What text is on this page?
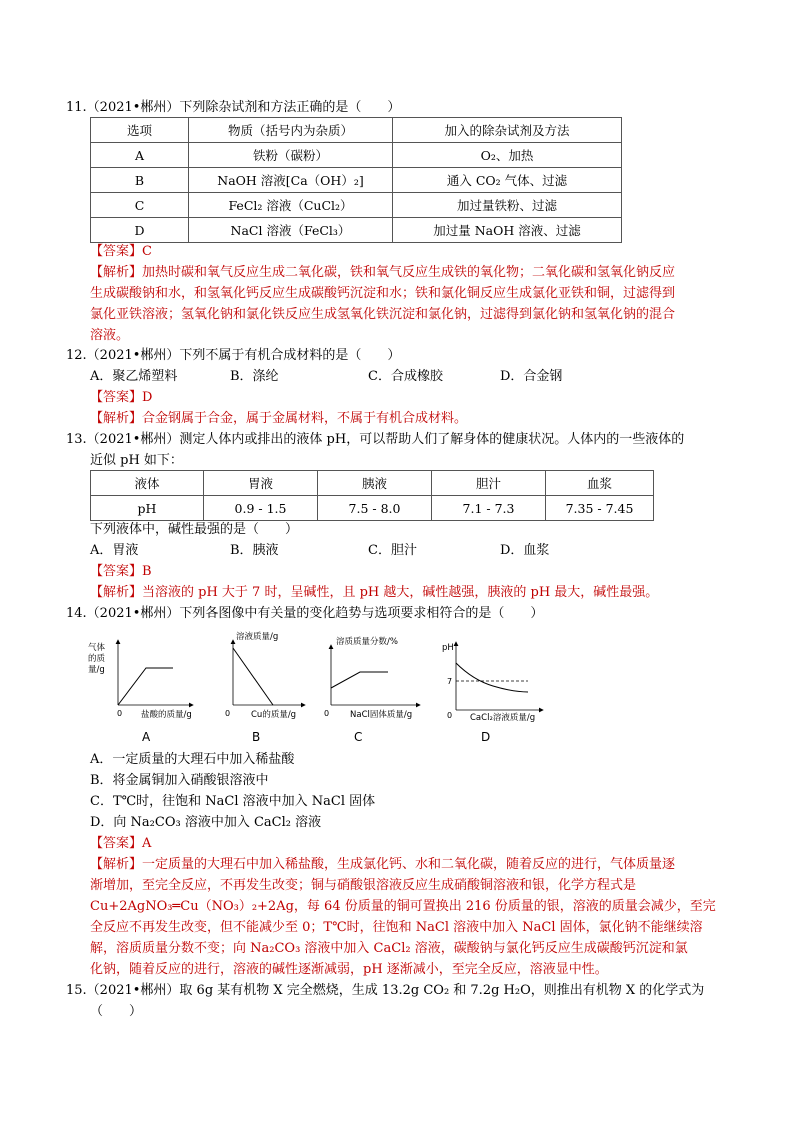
11.（2021•郴州）下列除杂试剂和方法正确的是（　　）
选项	物质（括号内为杂质）	加入的除杂试剂及方法
A	铁粉（碳粉）	O₂、加热
B	NaOH 溶液[Ca（OH）₂]	通入 CO₂ 气体、过滤
C	FeCl₂ 溶液（CuCl₂）	加过量铁粉、过滤
D	NaCl 溶液（FeCl₃）	加过量 NaOH 溶液、过滤
【答案】C
【解析】加热时碳和氧气反应生成二氧化碳，铁和氧气反应生成铁的氧化物；二氧化碳和氢氧化钠反应
生成碳酸钠和水，和氢氧化钙反应生成碳酸钙沉淀和水；铁和氯化铜反应生成氯化亚铁和铜，过滤得到
氯化亚铁溶液；氢氧化钠和氯化铁反应生成氢氧化铁沉淀和氯化钠，过滤得到氯化钠和氢氧化钠的混合
溶液。
12.（2021•郴州）下列不属于有机合成材料的是（　　）
A．聚乙烯塑料	B．涤纶	C．合成橡胶	D．合金钢
【答案】D
【解析】合金钢属于合金，属于金属材料，不属于有机合成材料。
13.（2021•郴州）测定人体内或排出的液体 pH，可以帮助人们了解身体的健康状况。人体内的一些液体的
近似 pH 如下：
液体	胃液	胰液	胆汁	血浆
pH	0.9 - 1.5	7.5 - 8.0	7.1 - 7.3	7.35 - 7.45
下列液体中，碱性最强的是（　　）
A．胃液	B．胰液	C．胆汁	D．血浆
【答案】B
【解析】当溶液的 pH 大于 7 时，呈碱性，且 pH 越大，碱性越强，胰液的 pH 最大，碱性最强。
14.（2021•郴州）下列各图像中有关量的变化趋势与选项要求相符合的是（　　）
气体
的质
量/g
0 盐酸的质量/g
A
溶液质量/g
0 Cu的质量/g
B
溶质质量分数/%
0 NaCl固体质量/g
C
pH
7
0 CaCl₂溶液质量/g
D
A．一定质量的大理石中加入稀盐酸
B．将金属铜加入硝酸银溶液中
C．T℃时，往饱和 NaCl 溶液中加入 NaCl 固体
D．向 Na₂CO₃ 溶液中加入 CaCl₂ 溶液
【答案】A
【解析】一定质量的大理石中加入稀盐酸，生成氯化钙、水和二氧化碳，随着反应的进行，气体质量逐
渐增加，至完全反应，不再发生改变；铜与硝酸银溶液反应生成硝酸铜溶液和银，化学方程式是
Cu+2AgNO₃═Cu（NO₃）₂+2Ag，每 64 份质量的铜可置换出 216 份质量的银，溶液的质量会减少，至完
全反应不再发生改变，但不能减少至 0；T℃时，往饱和 NaCl 溶液中加入 NaCl 固体，氯化钠不能继续溶
解，溶质质量分数不变；向 Na₂CO₃ 溶液中加入 CaCl₂ 溶液，碳酸钠与氯化钙反应生成碳酸钙沉淀和氯
化钠，随着反应的进行，溶液的碱性逐渐减弱，pH 逐渐减小，至完全反应，溶液显中性。
15.（2021•郴州）取 6g 某有机物 X 完全燃烧，生成 13.2g CO₂ 和 7.2g H₂O，则推出有机物 X 的化学式为
（　　）
